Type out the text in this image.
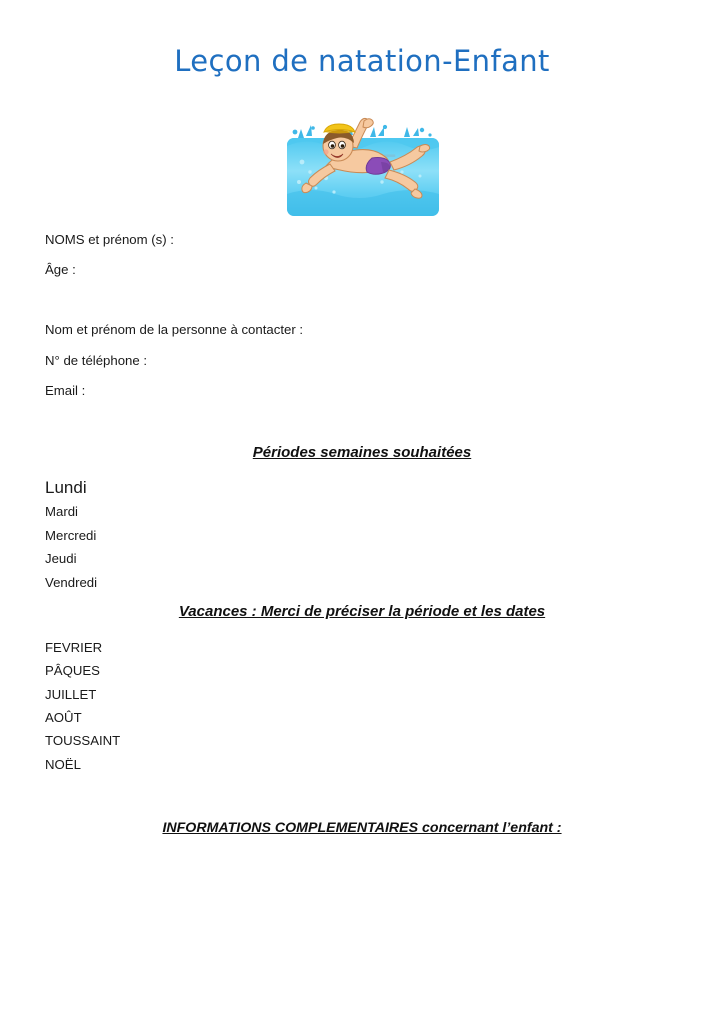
Leçon de natation-Enfant
NOMS et prénom (s) :
Âge :
Nom et prénom de la personne à contacter :
N° de téléphone :
Email :
Périodes semaines souhaitées
Lundi
Mardi
Mercredi
Jeudi
Vendredi
Vacances : Merci de préciser la période et les dates
FEVRIER
PÂQUES
JUILLET
AOÛT
TOUSSAINT
NOËL
INFORMATIONS COMPLEMENTAIRES concernant l’enfant :
